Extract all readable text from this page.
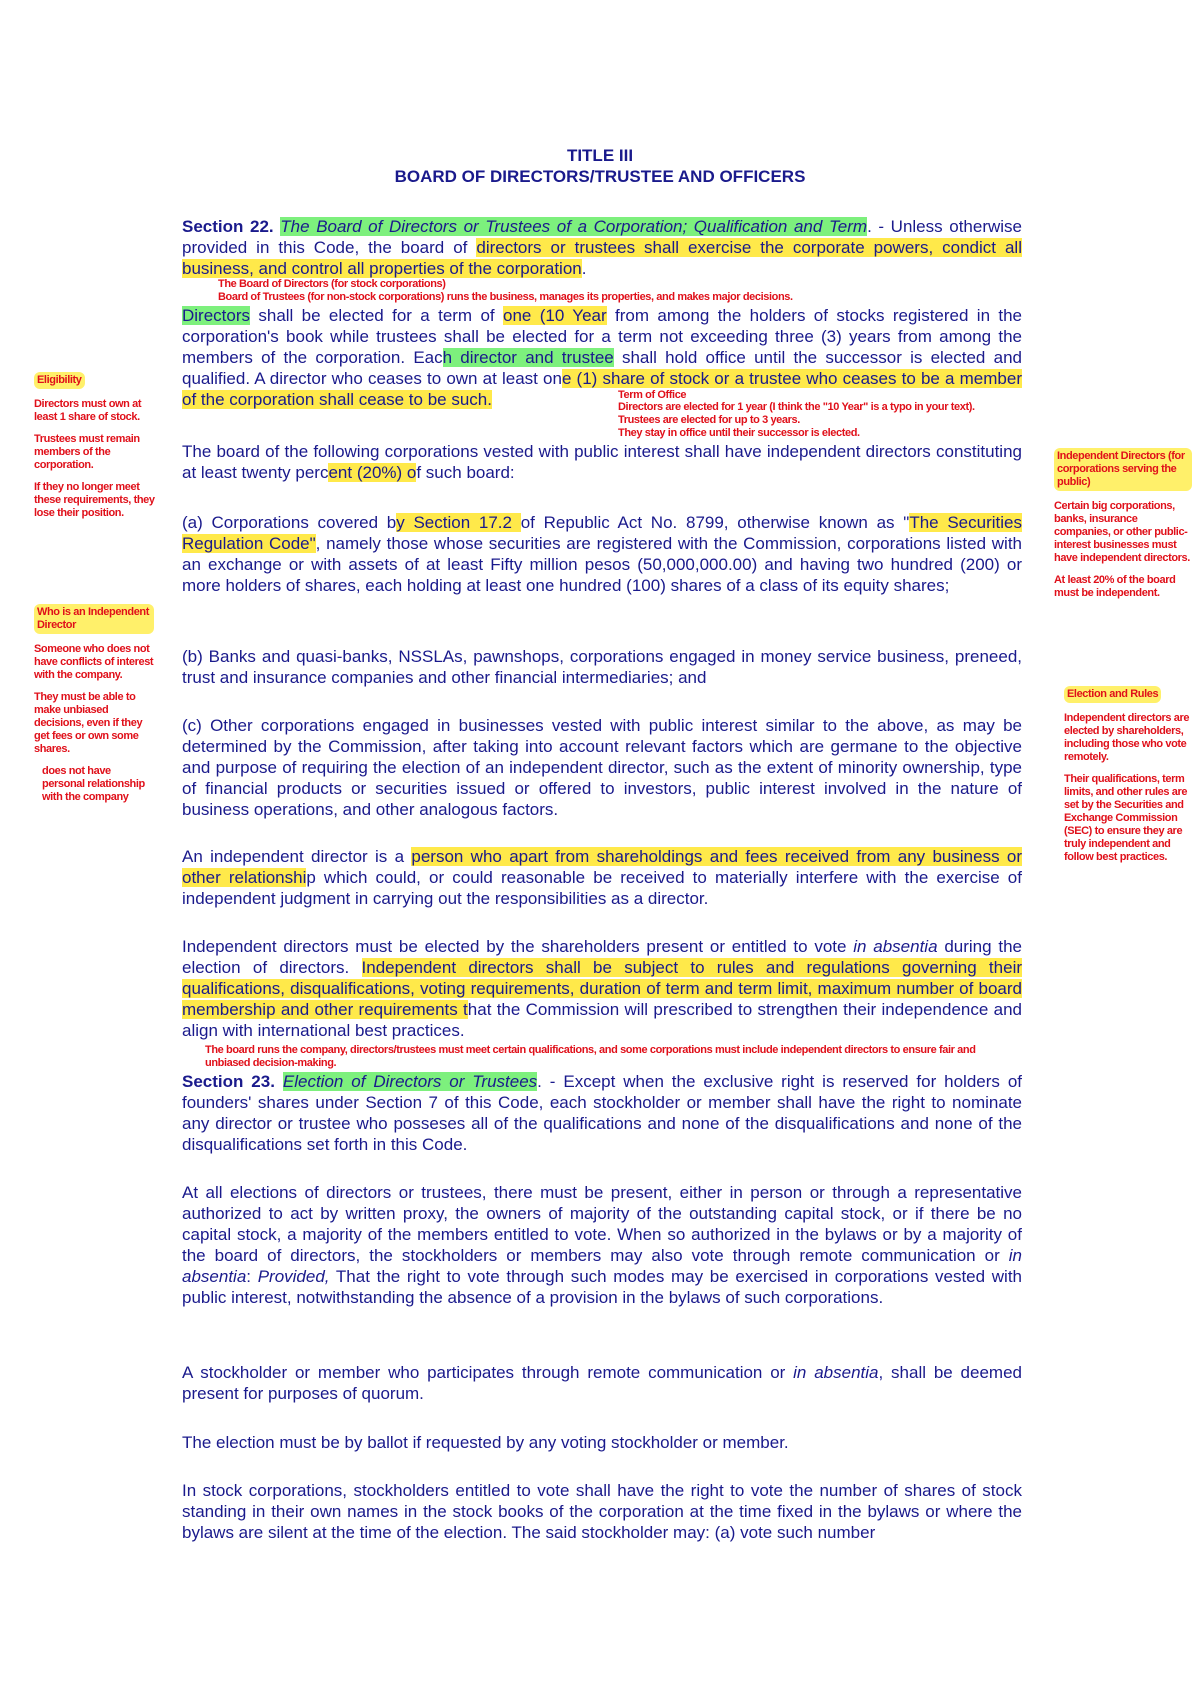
TITLE III
BOARD OF DIRECTORS/TRUSTEE AND OFFICERS

Section 22. The Board of Directors or Trustees of a Corporation; Qualification and Term. - Unless otherwise provided in this Code, the board of directors or trustees shall exercise the corporate powers, condict all business, and control all properties of the corporation.

The Board of Directors (for stock corporations)
Board of Trustees (for non-stock corporations) runs the business, manages its properties, and makes major decisions.

Directors shall be elected for a term of one (10 Year from among the holders of stocks registered in the corporation's book while trustees shall be elected for a term not exceeding three (3) years from among the members of the corporation. Each director and trustee shall hold office until the successor is elected and qualified. A director who ceases to own at least one (1) share of stock or a trustee who ceases to be a member of the corporation shall cease to be such.	Term of Office
Directors are elected for 1 year (I think the "10 Year" is a typo in your text).
Trustees are elected for up to 3 years.
They stay in office until their successor is elected.

The board of the following corporations vested with public interest shall have independent directors constituting at least twenty percent (20%) of such board:

(a) Corporations covered by Section 17.2 of Republic Act No. 8799, otherwise known as "The Securities Regulation Code", namely those whose securities are registered with the Commission, corporations listed with an exchange or with assets of at least Fifty million pesos (50,000,000.00) and having two hundred (200) or more holders of shares, each holding at least one hundred (100) shares of a class of its equity shares;

(b) Banks and quasi-banks, NSSLAs, pawnshops, corporations engaged in money service business, preneed, trust and insurance companies and other financial intermediaries; and

(c) Other corporations engaged in businesses vested with public interest similar to the above, as may be determined by the Commission, after taking into account relevant factors which are germane to the objective and purpose of requiring the election of an independent director, such as the extent of minority ownership, type of financial products or securities issued or offered to investors, public interest involved in the nature of business operations, and other analogous factors.

An independent director is a person who apart from shareholdings and fees received from any business or other relationship which could, or could reasonable be received to materially interfere with the exercise of independent judgment in carrying out the responsibilities as a director.

Independent directors must be elected by the shareholders present or entitled to vote in absentia during the election of directors. Independent directors shall be subject to rules and regulations governing their qualifications, disqualifications, voting requirements, duration of term and term limit, maximum number of board membership and other requirements that the Commission will prescribed to strengthen their independence and align with international best practices.

The board runs the company, directors/trustees must meet certain qualifications, and some corporations must include independent directors to ensure fair and unbiased decision-making.

Section 23. Election of Directors or Trustees. - Except when the exclusive right is reserved for holders of founders' shares under Section 7 of this Code, each stockholder or member shall have the right to nominate any director or trustee who posseses all of the qualifications and none of the disqualifications and none of the disqualifications set forth in this Code.

At all elections of directors or trustees, there must be present, either in person or through a representative authorized to act by written proxy, the owners of majority of the outstanding capital stock, or if there be no capital stock, a majority of the members entitled to vote. When so authorized in the bylaws or by a majority of the board of directors, the stockholders or members may also vote through remote communication or in absentia: Provided, That the right to vote through such modes may be exercised in corporations vested with public interest, notwithstanding the absence of a provision in the bylaws of such corporations.

A stockholder or member who participates through remote communication or in absentia, shall be deemed present for purposes of quorum.

The election must be by ballot if requested by any voting stockholder or member.

In stock corporations, stockholders entitled to vote shall have the right to vote the number of shares of stock standing in their own names in the stock books of the corporation at the time fixed in the bylaws or where the bylaws are silent at the time of the election. The said stockholder may: (a) vote such number

Eligibility

Directors must own at least 1 share of stock.

Trustees must remain members of the corporation.

If they no longer meet these requirements, they lose their position.

Who is an Independent Director

Someone who does not have conflicts of interest with the company.

They must be able to make unbiased decisions, even if they get fees or own some shares.

does not have personal relationship with the company

Independent Directors (for corporations serving the public)

Certain big corporations, banks, insurance companies, or other public-interest businesses must have independent directors.

At least 20% of the board must be independent.

Election and Rules

Independent directors are elected by shareholders, including those who vote remotely.

Their qualifications, term limits, and other rules are set by the Securities and Exchange Commission (SEC) to ensure they are truly independent and follow best practices.
